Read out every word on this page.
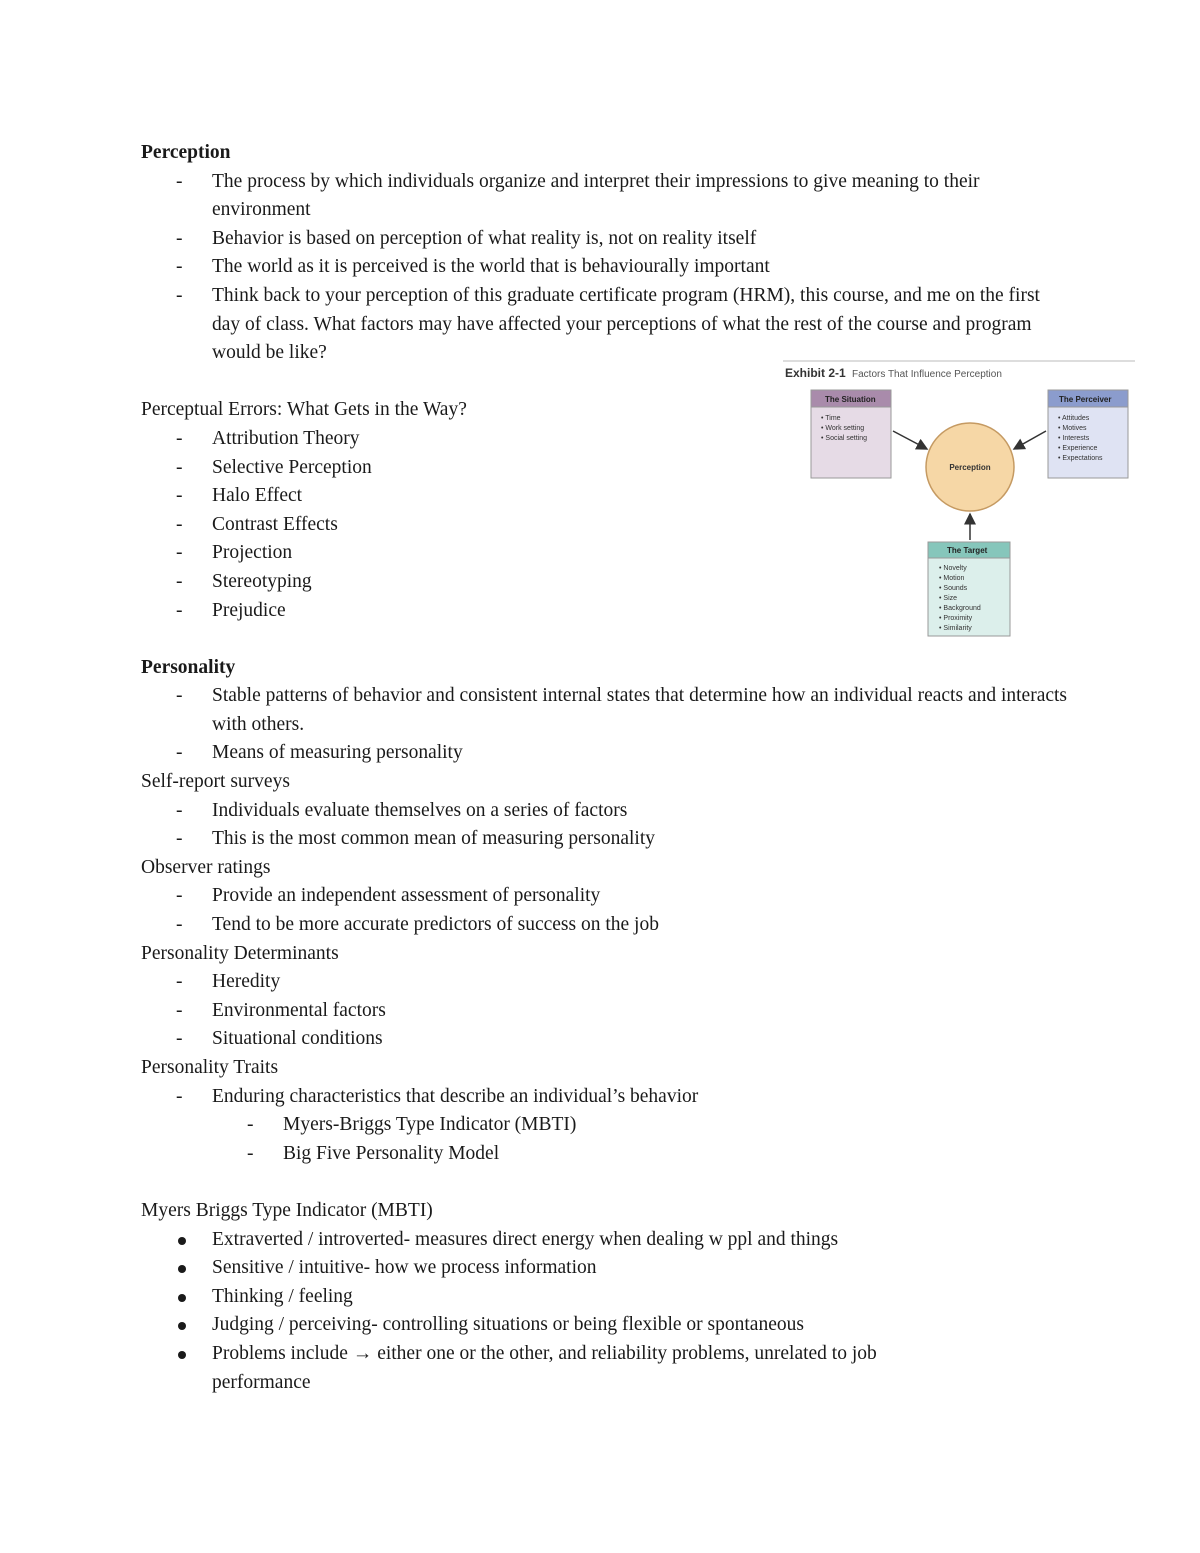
Perception

- The process by which individuals organize and interpret their impressions to give meaning to their environment
- Behavior is based on perception of what reality is, not on reality itself
- The world as it is perceived is the world that is behaviourally important
- Think back to your perception of this graduate certificate program (HRM), this course, and me on the first day of class. What factors may have affected your perceptions of what the rest of the course and program would be like?

Perceptual Errors: What Gets in the Way?

- Attribution Theory
- Selective Perception
- Halo Effect
- Contrast Effects
- Projection
- Stereotyping
- Prejudice

Personality

- Stable patterns of behavior and consistent internal states that determine how an individual reacts and interacts with others.
- Means of measuring personality

Self-report surveys

- Individuals evaluate themselves on a series of factors
- This is the most common mean of measuring personality

Observer ratings

- Provide an independent assessment of personality
- Tend to be more accurate predictors of success on the job

Personality Determinants

- Heredity
- Environmental factors
- Situational conditions

Personality Traits

- Enduring characteristics that describe an individual’s behavior
- Myers-Briggs Type Indicator (MBTI)
- Big Five Personality Model

Myers Briggs Type Indicator (MBTI)

Extraverted / introverted- measures direct energy when dealing w ppl and things
Sensitive / intuitive- how we process information
Thinking / feeling
Judging / perceiving- controlling situations or being flexible or spontaneous
Problems include → either one or the other, and reliability problems, unrelated to job performance
Exhibit 2-1 Factors That Influence Perception
The Situation
• Time
• Work setting
• Social setting
The Perceiver
• Attitudes
• Motives
• Interests
• Experience
• Expectations
Perception
The Target
• Novelty
• Motion
• Sounds
• Size
• Background
• Proximity
• Similarity
